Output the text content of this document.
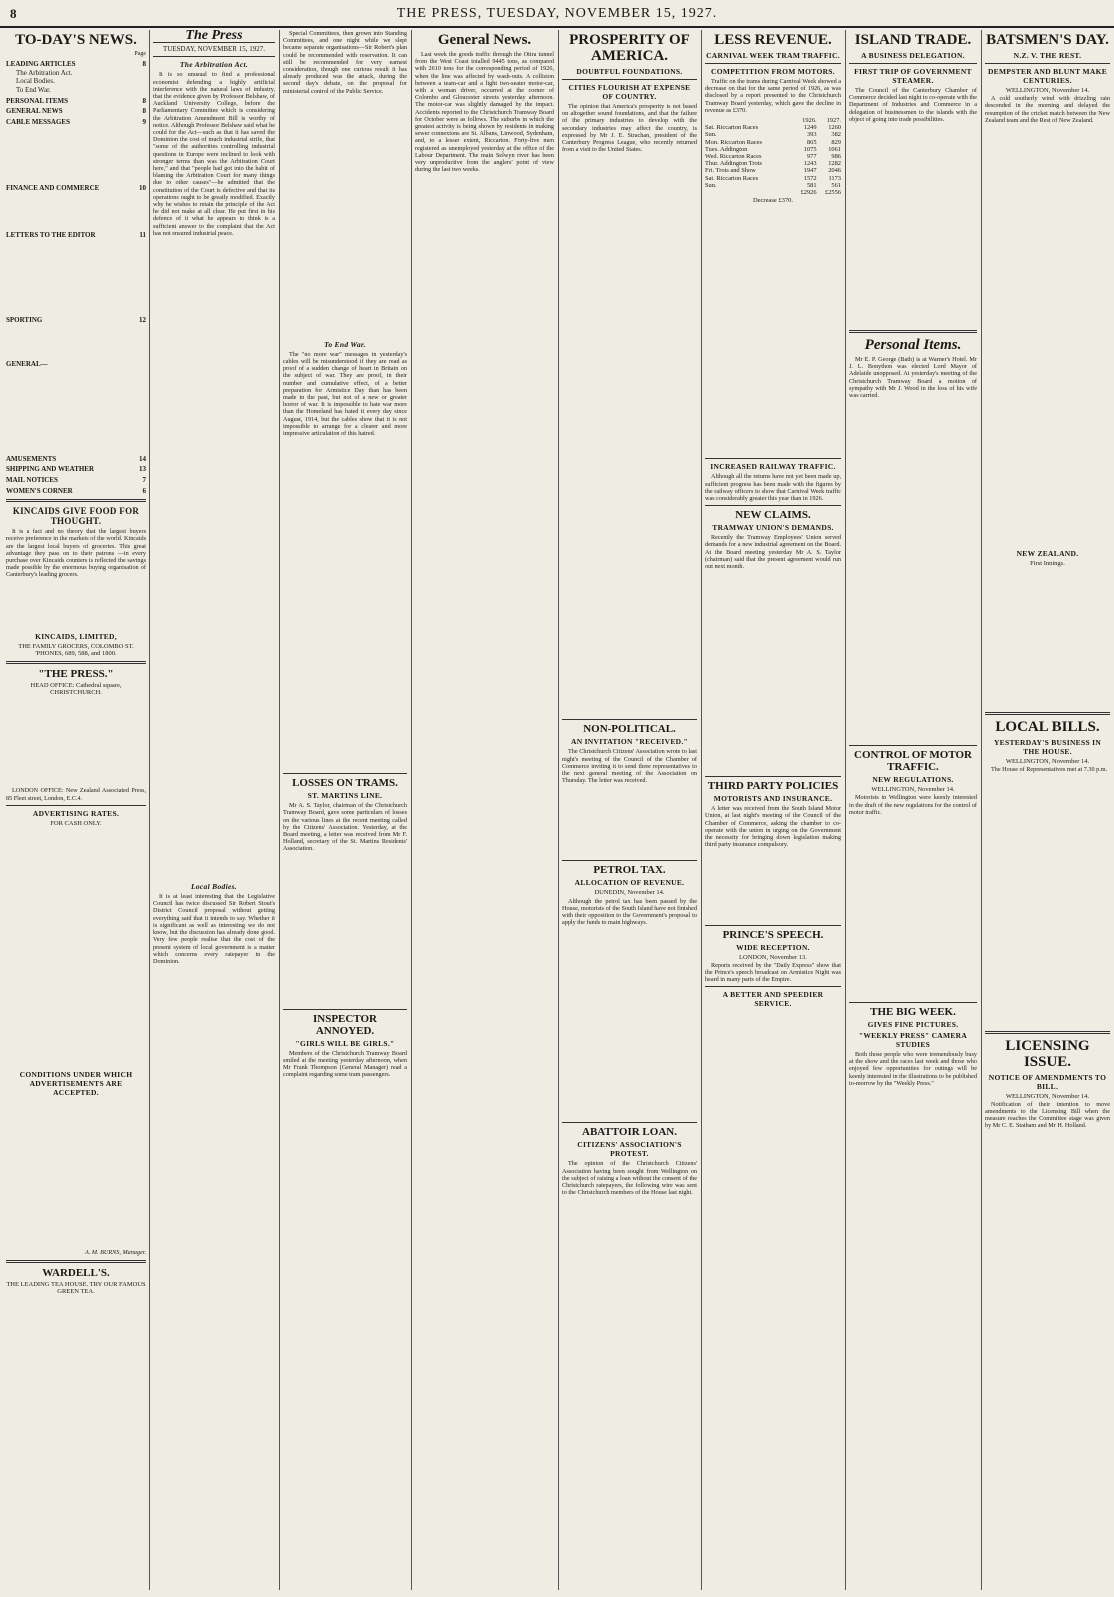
8	THE PRESS, TUESDAY, NOVEMBER 15, 1927.
TO-DAY'S NEWS.
Page
LEADING ARTICLES	8
The Arbitration Act.
Local Bodies.
To End War.
PERSONAL ITEMS	8
GENERAL NEWS	8
CABLE MESSAGES	9
FINANCE AND COMMERCE	10
LETTERS TO THE EDITOR	11
SPORTING	12
GENERAL—
AMUSEMENTS	14
SHIPPING AND WEATHER	13
MAIL NOTICES	7
WOMEN'S CORNER	6
KINCAIDS GIVE FOOD FOR THOUGHT.

It is a fact and no theory that the largest buyers receive preference in the markets of the world. Kincaids are the largest local buyers of groceries. This great advantage they pass on to their patrons —in every purchase over Kincaids counters is reflected the savings made possible by the enormous buying organisation of Canterbury's leading grocers.

KINCAIDS, LIMITED,
THE FAMILY GROCERS, COLOMBO ST. 'PHONES, 689, 588, and 1800.
"THE PRESS."
HEAD OFFICE: Cathedral square, CHRISTCHURCH.

LONDON OFFICE: New Zealand Associated Press, 85 Fleet street, London, E.C.4.

ADVERTISING RATES.
FOR CASH ONLY.
CONDITIONS UNDER WHICH ADVERTISEMENTS ARE ACCEPTED.
A. M. BURNS, Manager.
WARDELL'S.
THE LEADING TEA HOUSE. TRY OUR FAMOUS GREEN TEA.
The Press
TUESDAY, NOVEMBER 15, 1927.
The Arbitration Act.

It is so unusual to find a professional economist defending a highly artificial interference with the natural laws of industry, that the evidence given by Professor Belshaw, of Auckland University College, before the Parliamentary Committee which is considering the Arbitration Amendment Bill is worthy of notice. Although Professor Belshaw said what he could for the Act—such as that it has saved the Dominion the cost of much industrial strife, that "some of the authorities controlling industrial questions in Europe were inclined to look with stronger terms than was the Arbitration Court here," and that "people had got into the habit of blaming the Arbitration Court for many things due to other causes"—he admitted that the constitution of the Court is defective and that its operations ought to be greatly modified. Exactly why he wishes to retain the principle of the Act he did not make at all clear. He put first in his defence of it what he appears to think is a sufficient answer to the complaint that the Act has not ensured industrial peace.

Local Bodies.

It is at least interesting that the Legislative Council has twice discussed Sir Robert Stout's District Council proposal without getting everything said that it intends to say. Whether it is significant as well as interesting we do not know, but the discussion has already done good. Very few people realise that the cost of the present system of local government is a matter which concerns every ratepayer in the Dominion.

Special Committees, then grown into Standing Committees, and one night while we slept became separate organisations—Sir Robert's plan could be recommended with reservation. It can still be recommended for very earnest consideration, though one curious result it has already produced was the attack, during the second day's debate, on the proposal for ministerial control of the Public Service.

To End War.

The "no more war" messages in yesterday's cables will be misunderstood if they are read as proof of a sudden change of heart in Britain on the subject of war. They are proof, in their number and cumulative effect, of a better preparation for Armistice Day than has been made in the past, but not of a new or greater horror of war. It is impossible to hate war more than the Homeland has hated it every day since August, 1914, but the cables show that it is not impossible to arrange for a clearer and more impressive articulation of this hatred.

LOSSES ON TRAMS.
ST. MARTINS LINE.

Mr A. S. Taylor, chairman of the Christchurch Tramway Board, gave some particulars of losses on the various lines at the recent meeting called by the Citizens' Association. Yesterday, at the Board meeting, a letter was received from Mr F. Holland, secretary of the St. Martins Residents' Association.

INSPECTOR ANNOYED.
"GIRLS WILL BE GIRLS."

Members of the Christchurch Tramway Board smiled at the meeting yesterday afternoon, when Mr Frank Thompson (General Manager) read a complaint regarding some tram passengers.

General News.

Last week the goods traffic through the Otira tunnel from the West Coast totalled 9445 tons, as compared with 2610 tons for the corresponding period of 1926, when the line was affected by wash-outs. A collision between a team-car and a light two-seater motor-car, with a woman driver, occurred at the corner of Colombo and Gloucester streets yesterday afternoon. The motor-car was slightly damaged by the impact. Accidents reported to the Christchurch Tramway Board for October were as follows. The suburbs in which the greatest activity is being shown by residents in making sewer connexions are St. Albans, Linwood, Sydenham, and, to a lesser extent, Riccarton. Forty-five men registered as unemployed yesterday at the office of the Labour Department. The main Selwyn river has been very unproductive from the anglers' point of view during the last two weeks.

PROSPERITY OF AMERICA.
DOUBTFUL FOUNDATIONS.
CITIES FLOURISH AT EXPENSE OF COUNTRY.

The opinion that America's prosperity is not based on altogether sound foundations, and that the failure of the primary industries to develop with the secondary industries may affect the country, is expressed by Mr J. E. Strachan, president of the Canterbury Progress League, who recently returned from a visit to the United States.

NON-POLITICAL.
AN INVITATION "RECEIVED."

The Christchurch Citizens' Association wrote to last night's meeting of the Council of the Chamber of Commerce inviting it to send three representatives to the next general meeting of the Association on Thursday. The letter was received.

PETROL TAX.
ALLOCATION OF REVENUE.
DUNEDIN, November 14.

Although the petrol tax has been passed by the House, motorists of the South Island have not finished with their opposition to the Government's proposal to apply the funds to main highways.

ABATTOIR LOAN.
CITIZENS' ASSOCIATION'S PROTEST.

The opinion of the Christchurch Citizens' Association having been sought from Wellington on the subject of raising a loan without the consent of the Christchurch ratepayers, the following wire was sent to the Christchurch members of the House last night.

LESS REVENUE.
CARNIVAL WEEK TRAM TRAFFIC.
COMPETITION FROM MOTORS.

Traffic on the trams during Carnival Week showed a decrease on that for the same period of 1926, as was disclosed by a report presented to the Christchurch Tramway Board yesterday, which gave the decline in revenue as £370.

	1926.	1927.
Sat. Riccarton Races	1249	1260
Sun.	393	382
Mon. Riccarton Races	865	829
Tues. Addington	1075	1061
Wed. Riccarton Races	977	986
Thur. Addington Trots	1243	1282
Fri. Trots and Show	1947	2046
Sat. Riccarton Races	1572	1173
Sun.	581	561
	£2926	£2556
Decrease £370.
INCREASED RAILWAY TRAFFIC.

Although all the returns have not yet been made up, sufficient progress has been made with the figures by the railway officers to show that Carnival Week traffic was considerably greater this year than in 1926.

NEW CLAIMS.
TRAMWAY UNION'S DEMANDS.

Recently the Tramway Employees' Union served demands for a new industrial agreement on the Board. At the Board meeting yesterday Mr A. S. Taylor (chairman) said that the present agreement would run out next month.

THIRD PARTY POLICIES
MOTORISTS AND INSURANCE.

A letter was received from the South Island Motor Union, at last night's meeting of the Council of the Chamber of Commerce, asking the chamber to co-operate with the union in urging on the Government the necessity for bringing down legislation making third party insurance compulsory.

PRINCE'S SPEECH.
WIDE RECEPTION.
LONDON, November 13.

Reports received by the "Daily Express" show that the Prince's speech broadcast on Armistice Night was heard in many parts of the Empire.

A BETTER AND SPEEDIER SERVICE.
ISLAND TRADE.
A BUSINESS DELEGATION.
FIRST TRIP OF GOVERNMENT STEAMER.

The Council of the Canterbury Chamber of Commerce decided last night to co-operate with the Department of Industries and Commerce in a delegation of businessmen to the islands with the object of going into trade possibilities.

Personal Items.

Mr E. P. George (Bath) is at Warner's Hotel. Mr J. L. Bonython was elected Lord Mayor of Adelaide unopposed. At yesterday's meeting of the Christchurch Tramway Board a motion of sympathy with Mr J. Wood in the loss of his wife was carried.

CONTROL OF MOTOR TRAFFIC.
NEW REGULATIONS.
WELLINGTON, November 14.

Motorists in Wellington were keenly interested in the draft of the new regulations for the control of motor traffic.

THE BIG WEEK.
GIVES FINE PICTURES.
"WEEKLY PRESS" CAMERA STUDIES

Both those people who were tremendously busy at the show and the races last week and those who enjoyed few opportunities for outings will be keenly interested in the illustrations to be published to-morrow by the "Weekly Press."

BATSMEN'S DAY.
N.Z. V. THE REST.
DEMPSTER AND BLUNT MAKE CENTURIES.
WELLINGTON, November 14.

A cold southerly wind with drizzling rain descended in the morning and delayed the resumption of the cricket match between the New Zealand team and the Rest of New Zealand.

NEW ZEALAND.
First Innings.
LOCAL BILLS.
YESTERDAY'S BUSINESS IN THE HOUSE.
WELLINGTON, November 14.

The House of Representatives met at 7.30 p.m.

LICENSING ISSUE.
NOTICE OF AMENDMENTS TO BILL.
WELLINGTON, November 14.

Notification of their intention to move amendments to the Licensing Bill when the measure reaches the Committee stage was given by Mr C. E. Statham and Mr H. Holland.
